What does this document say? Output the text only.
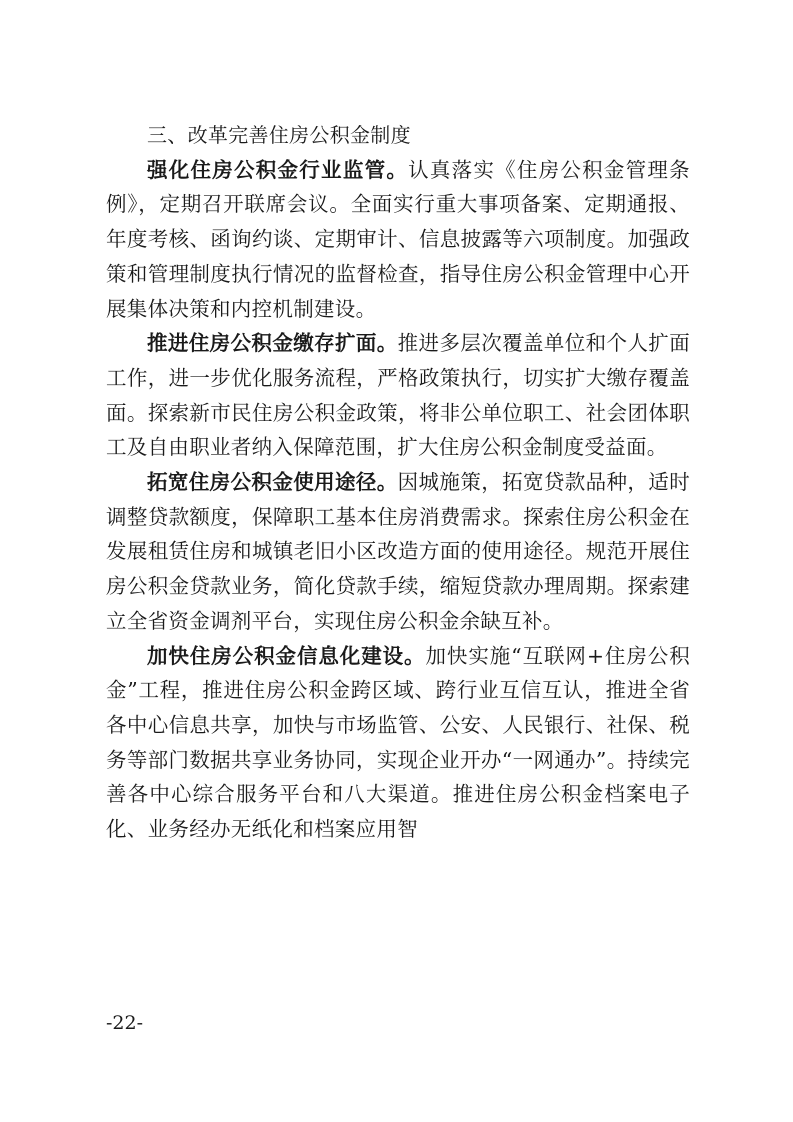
三、改革完善住房公积金制度

强化住房公积金行业监管。认真落实《住房公积金管理条例》，定期召开联席会议。全面实行重大事项备案、定期通报、年度考核、函询约谈、定期审计、信息披露等六项制度。加强政策和管理制度执行情况的监督检查，指导住房公积金管理中心开展集体决策和内控机制建设。

推进住房公积金缴存扩面。推进多层次覆盖单位和个人扩面工作，进一步优化服务流程，严格政策执行，切实扩大缴存覆盖面。探索新市民住房公积金政策，将非公单位职工、社会团体职工及自由职业者纳入保障范围，扩大住房公积金制度受益面。

拓宽住房公积金使用途径。因城施策，拓宽贷款品种，适时调整贷款额度，保障职工基本住房消费需求。探索住房公积金在发展租赁住房和城镇老旧小区改造方面的使用途径。规范开展住房公积金贷款业务，简化贷款手续，缩短贷款办理周期。探索建立全省资金调剂平台，实现住房公积金余缺互补。

加快住房公积金信息化建设。加快实施“互联网+住房公积金”工程，推进住房公积金跨区域、跨行业互信互认，推进全省各中心信息共享，加快与市场监管、公安、人民银行、社保、税务等部门数据共享业务协同，实现企业开办“一网通办”。持续完善各中心综合服务平台和八大渠道。推进住房公积金档案电子化、业务经办无纸化和档案应用智

-22-
